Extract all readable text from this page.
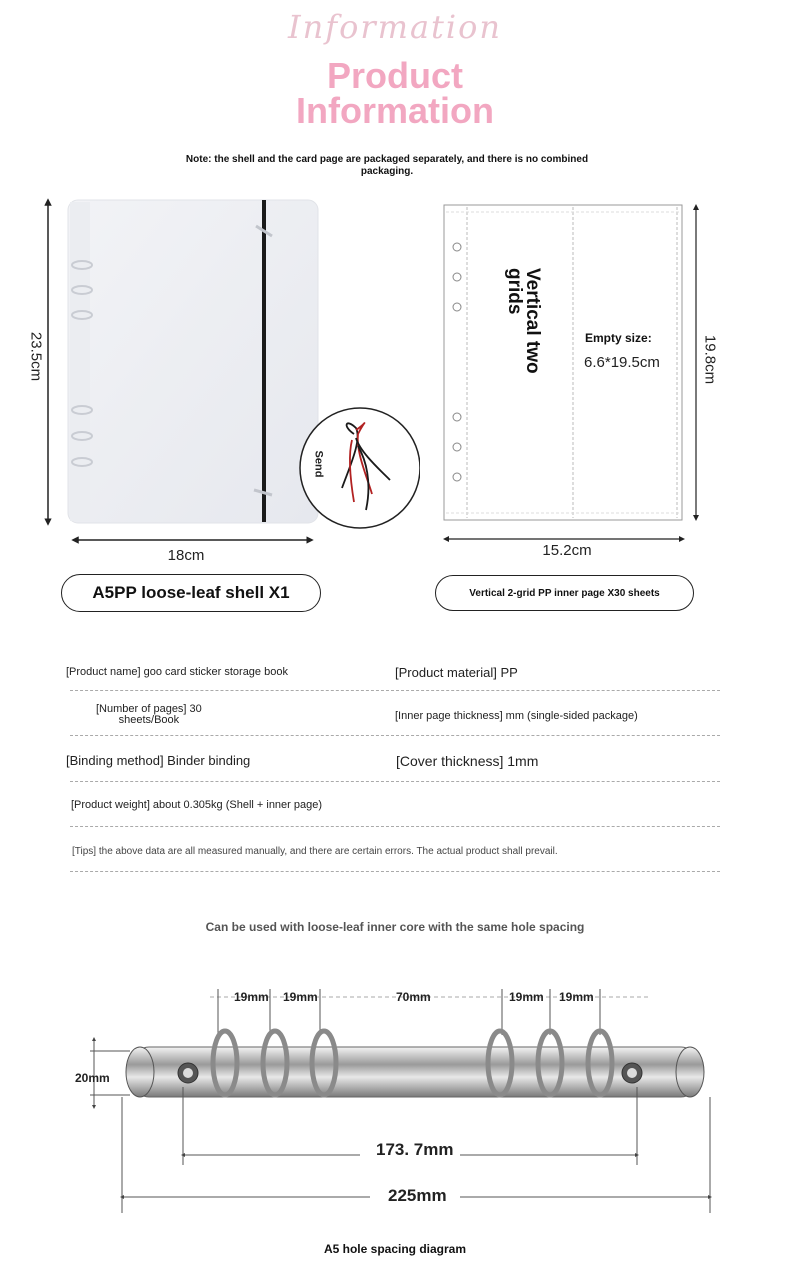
Information
Product
Information
Note: the shell and the card page are packaged separately, and there is no combined packaging.
23.5cm
Send
18cm
A5PP loose-leaf shell X1
Vertical two
grids
Empty size:
6.6*19.5cm	19.8cm
15.2cm
Vertical 2-grid PP inner page X30 sheets
[Product name] goo card sticker storage book	[Product material] PP
[Number of pages] 30
sheets/Book	[Inner page thickness] mm (single-sided package)
[Binding method] Binder binding	[Cover thickness] 1mm
[Product weight] about 0.305kg (Shell + inner page)
[Tips] the above data are all measured manually, and there are certain errors. The actual product shall prevail.
Can be used with loose-leaf inner core with the same hole spacing
19mm 19mm	70mm	19mm 19mm
20mm
173. 7mm
225mm
A5 hole spacing diagram
